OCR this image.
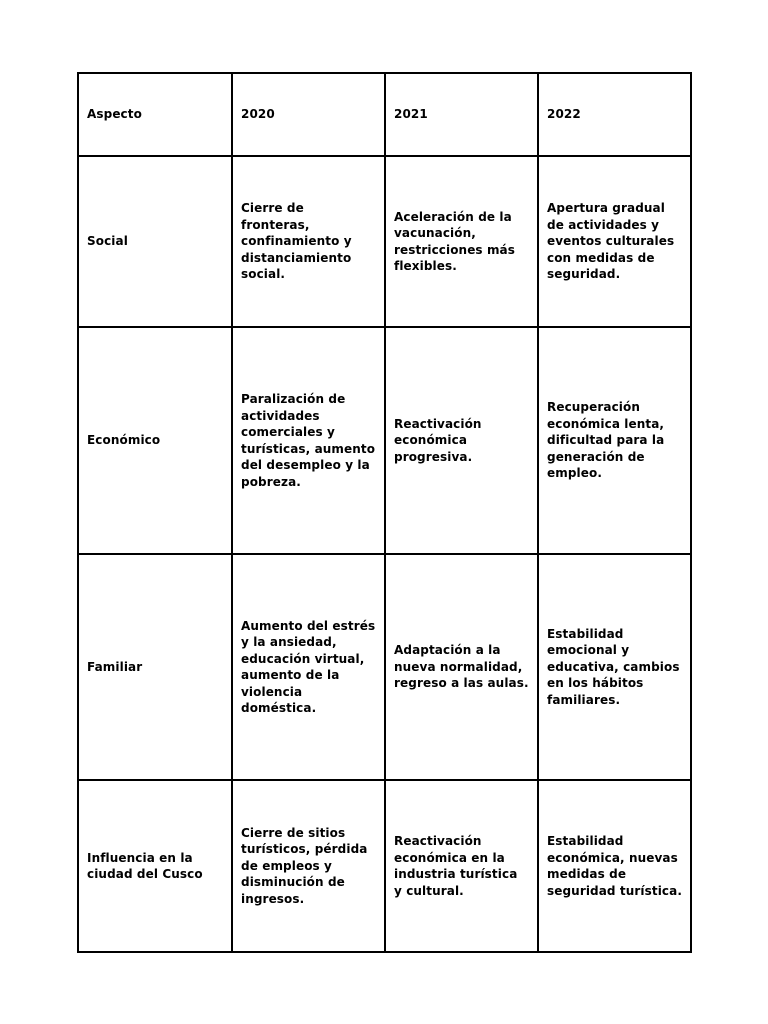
Aspecto	2020	2021	2022

Social	Cierre de fronteras, confinamiento y distanciamiento social.	Aceleración de la vacunación, restricciones más flexibles.	Apertura gradual de actividades y eventos culturales con medidas de seguridad.

Económico	Paralización de actividades comerciales y turísticas, aumento del desempleo y la pobreza.	Reactivación económica progresiva.	Recuperación económica lenta, dificultad para la generación de empleo.

Familiar	Aumento del estrés y la ansiedad, educación virtual, aumento de la violencia doméstica.	Adaptación a la nueva normalidad, regreso a las aulas.	Estabilidad emocional y educativa, cambios en los hábitos familiares.

Influencia en la ciudad del Cusco	Cierre de sitios turísticos, pérdida de empleos y disminución de ingresos.	Reactivación económica en la industria turística y cultural.	Estabilidad económica, nuevas medidas de seguridad turística.
